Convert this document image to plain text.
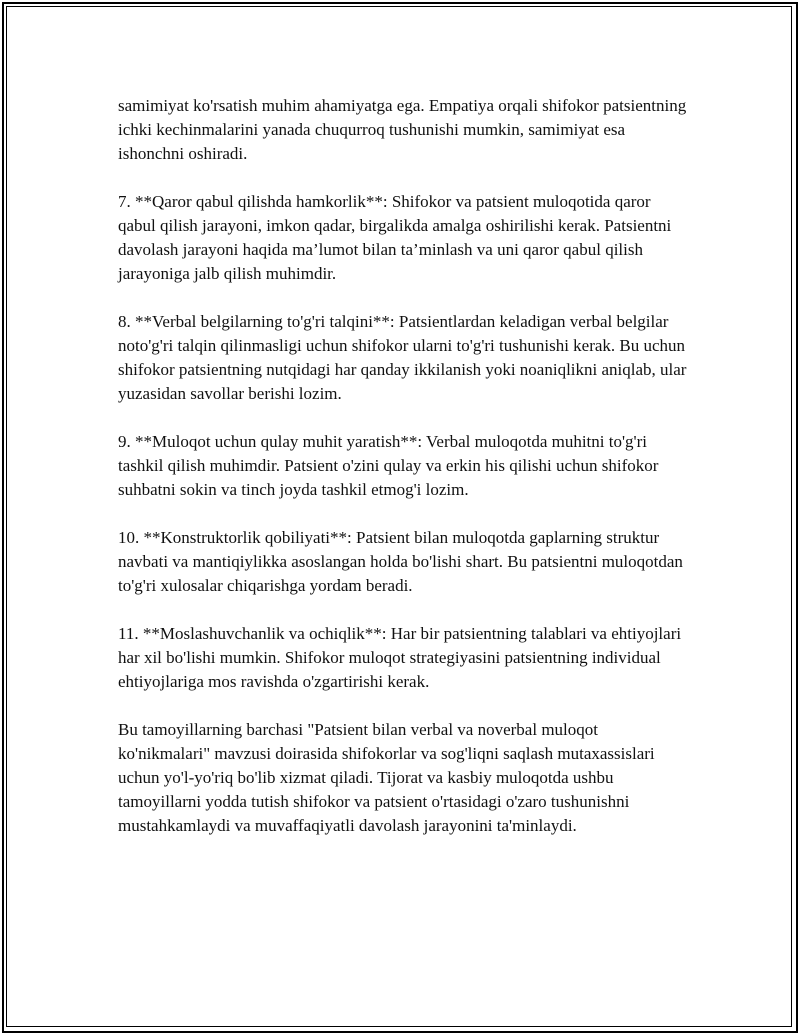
samimiyat ko'rsatish muhim ahamiyatga ega. Empatiya orqali shifokor patsientning ichki kechinmalarini yanada chuqurroq tushunishi mumkin, samimiyat esa ishonchni oshiradi.

7. **Qaror qabul qilishda hamkorlik**: Shifokor va patsient muloqotida qaror qabul qilish jarayoni, imkon qadar, birgalikda amalga oshirilishi kerak. Patsientni davolash jarayoni haqida ma’lumot bilan ta’minlash va uni qaror qabul qilish jarayoniga jalb qilish muhimdir.

8. **Verbal belgilarning to'g'ri talqini**: Patsientlardan keladigan verbal belgilar noto'g'ri talqin qilinmasligi uchun shifokor ularni to'g'ri tushunishi kerak. Bu uchun shifokor patsientning nutqidagi har qanday ikkilanish yoki noaniqlikni aniqlab, ular yuzasidan savollar berishi lozim.

9. **Muloqot uchun qulay muhit yaratish**: Verbal muloqotda muhitni to'g'ri tashkil qilish muhimdir. Patsient o'zini qulay va erkin his qilishi uchun shifokor suhbatni sokin va tinch joyda tashkil etmog'i lozim.

10. **Konstruktorlik qobiliyati**: Patsient bilan muloqotda gaplarning struktur navbati va mantiqiylikka asoslangan holda bo'lishi shart. Bu patsientni muloqotdan to'g'ri xulosalar chiqarishga yordam beradi.

11. **Moslashuvchanlik va ochiqlik**: Har bir patsientning talablari va ehtiyojlari har xil bo'lishi mumkin. Shifokor muloqot strategiyasini patsientning individual ehtiyojlariga mos ravishda o'zgartirishi kerak.

Bu tamoyillarning barchasi "Patsient bilan verbal va noverbal muloqot ko'nikmalari" mavzusi doirasida shifokorlar va sog'liqni saqlash mutaxassislari uchun yo'l-yo'riq bo'lib xizmat qiladi. Tijorat va kasbiy muloqotda ushbu tamoyillarni yodda tutish shifokor va patsient o'rtasidagi o'zaro tushunishni mustahkamlaydi va muvaffaqiyatli davolash jarayonini ta'minlaydi.
